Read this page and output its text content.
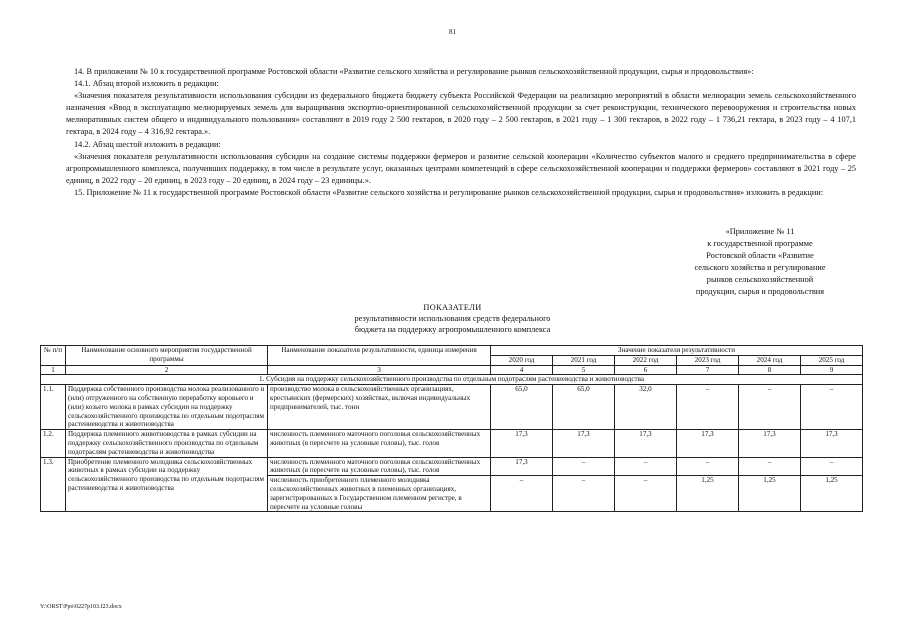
81

14. В приложении № 10 к государственной программе Ростовской области «Развитие сельского хозяйства и регулирование рынков сельскохозяйственной продукции, сырья и продовольствия»:

14.1. Абзац второй изложить в редакции:

«Значения показателя результативности использования субсидии из федерального бюджета бюджету субъекта Российской Федерации на реализацию мероприятий в области мелиорации земель сельскохозяйственного назначения «Ввод в эксплуатацию мелиорируемых земель для выращивания экспортно-ориентированной сельскохозяйственной продукции за счет реконструкции, технического перевооружения и строительства новых мелиоративных систем общего и индивидуального пользования» составляют в 2019 году 2 500 гектаров, в 2020 году – 2 500 гектаров, в 2021 году – 1 300 гектаров, в 2022 году – 1 736,21 гектара, в 2023 году – 4 107,1 гектара, в 2024 году – 4 316,92 гектара.».

14.2. Абзац шестой изложить в редакции:

«Значения показателя результативности использования субсидии на создание системы поддержки фермеров и развитие сельской кооперации «Количество субъектов малого и среднего предпринимательства в сфере агропромышленного комплекса, получивших поддержку, в том числе в результате услуг, оказанных центрами компетенций в сфере сельскохозяйственной кооперации и поддержки фермеров» составляют в 2021 году – 25 единиц, в 2022 году – 20 единиц, в 2023 году – 20 единиц, в 2024 году – 23 единицы.».

15. Приложение № 11 к государственной программе Ростовской области «Развитие сельского хозяйства и регулирование рынков сельскохозяйственной продукции, сырья и продовольствия» изложить в редакции:

«Приложение № 11
к государственной программе
Ростовской области «Развитие
сельского хозяйства и регулирование
рынков сельскохозяйственной
продукции, сырья и продовольствия
ПОКАЗАТЕЛИ
результативности использования средств федерального
бюджета на поддержку агропромышленного комплекса
№ п/п	Наименование основного мероприятия государственной программы	Наименование показателя результативности, единица измерения	Значение показателя результативности					
			2020 год	2021 год	2022 год	2023 год	2024 год	2025 год
1	2	3	4	5	6	7	8	9
1. Субсидия на поддержку сельскохозяйственного производства по отдельным подотраслям растениеводства и животноводства								
1.1.	Поддержка собственного производства молока реализованного и (или) отгруженного на собственную переработку коровьего и (или) козьего молока в рамках субсидии на поддержку сельскохозяйственного производства по отдельным подотраслям растениеводства и животноводства	производство молока в сельскохозяйственных организациях, крестьянских (фермерских) хозяйствах, включая индивидуальных предпринимателей, тыс. тонн	65,0	65,0	32,0	–	–	–
1.2.	Поддержка племенного животноводства в рамках субсидии на поддержку сельскохозяйственного производства по отдельным подотраслям растениеводства и животноводства	численность племенного маточного поголовья сельскохозяйственных животных (в пересчете на условные головы), тыс. голов	17,3	17,3	17,3	17,3	17,3	17,3
1.3.	Приобретение племенного молодняка сельскохозяйственных животных в рамках субсидии на поддержку сельскохозяйственного производства по отдельным подотраслям растениеводства и животноводства	численность племенного маточного поголовья сельскохозяйственных животных (в пересчете на условные головы), тыс. голов	17,3	–	–	–	–	–
		численность приобретенного племенного молодняка сельскохозяйственных животных в племенных организациях, зарегистрированных в Государственном племенном регистре, в пересчете на условные головы	–	–	–	1,25	1,25	1,25
Y:\ORST\Ppo\0227p103.f23.docx
